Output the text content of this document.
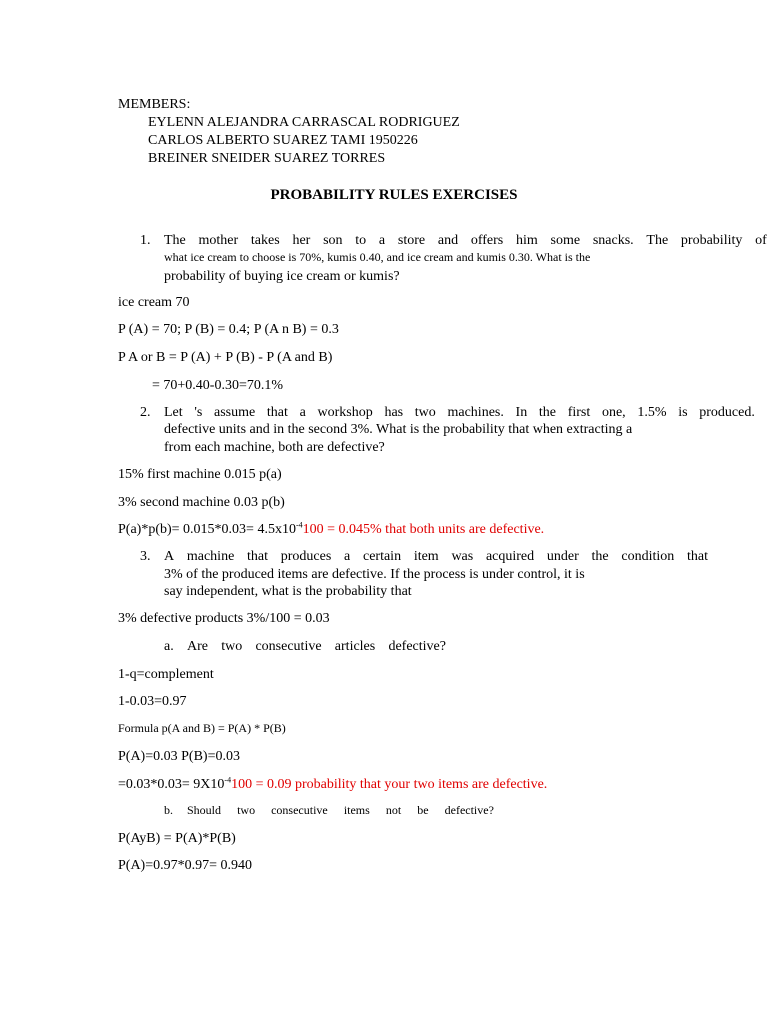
MEMBERS:
EYLENN ALEJANDRA CARRASCAL RODRIGUEZ
CARLOS ALBERTO SUAREZ TAMI 1950226
BREINER SNEIDER SUAREZ TORRES
PROBABILITY RULES EXERCISES
1. The mother takes her son to a store and offers him some snacks. The probability of
what ice cream to choose is 70%, kumis 0.40, and ice cream and kumis 0.30. What is the
probability of buying ice cream or kumis?
ice cream 70
P (A) = 70; P (B) = 0.4; P (A n B) = 0.3
P A or B = P (A) + P (B) - P (A and B)
= 70+0.40-0.30=70.1%
2. Let 's assume that a workshop has two machines. In the first one, 1.5% is produced.
defective units and in the second 3%. What is the probability that when extracting a
from each machine, both are defective?
15% first machine 0.015 p(a)
3% second machine 0.03 p(b)
$P(a)*p(b)= 0.015*0.03= 4.5x10^{-4}100 = 0.045\%$ that both units are defective.
3. A machine that produces a certain item was acquired under the condition that
3% of the produced items are defective. If the process is under control, it is
say independent, what is the probability that
3% defective products 3%/100 = 0.03
a. Are two consecutive articles defective?
1-q=complement
1-0.03=0.97
Formula p(A and B) = P(A) * P(B)
P(A)=0.03 P(B)=0.03
$=0.03*0.03= 9X10^{-4}100 = 0.09$ probability that your two items are defective.
b. Should two consecutive items not be defective?
P(AyB) = P(A)*P(B)
P(A)=0.97*0.97= 0.940
